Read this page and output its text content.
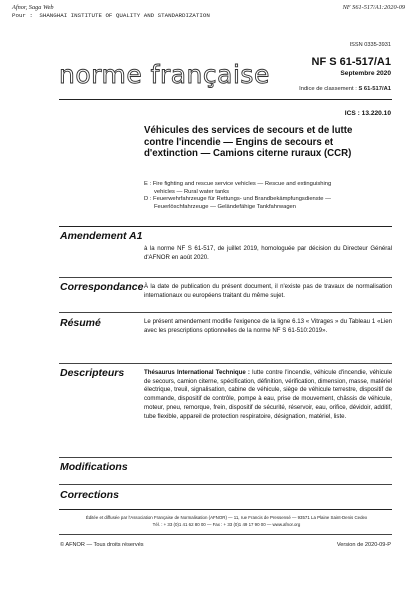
Afnor, Saga Web
Pour : SHANGHAI INSTITUTE OF QUALITY AND STANDARDIZATION
NF S61-517/A1:2020-09
ISSN 0335-3931
norme française	NF S 61-517/A1
Septembre 2020
Indice de classement : S 61-517/A1
ICS : 13.220.10
Véhicules des services de secours et de lutte
contre l'incendie — Engins de secours et
d'extinction — Camions citerne ruraux (CCR)
E : Fire fighting and rescue service vehicles — Rescue and extinguishing
vehicles — Rural water tanks
D : Feuerwehrfahrzeuge für Rettungs- und Brandbekämpfungsdienste —
Feuerlöschfahrzeuge — Geländefähige Tankfahrwagen
Amendement A1
à la norme NF S 61-517, de juillet 2019, homologuée par décision du Directeur Général d'AFNOR en août 2020.
Correspondance À la date de publication du présent document, il n'existe pas de travaux de normalisation internationaux ou européens traitant du même sujet.
Résumé	Le présent amendement modifie l'exigence de la ligne 6.13 « Vitrages » du Tableau 1 «Lien avec les prescriptions optionnelles de la norme NF S 61-510:2019».
Descripteurs	Thésaurus International Technique : lutte contre l'incendie, véhicule d'incendie, véhicule de secours, camion citerne, spécification, définition, vérification, dimension, masse, matériel électrique, treuil, signalisation, cabine de véhicule, siège de véhicule terrestre, dispositif de commande, dispositif de contrôle, pompe à eau, prise de mouvement, châssis de véhicule, moteur, pneu, remorque, frein, dispositif de sécurité, réservoir, eau, orifice, dévidoir, additif, tube flexible, appareil de protection respiratoire, désignation, matériel, liste.
Modifications
Corrections
Éditée et diffusée par l'Association Française de Normalisation (AFNOR) — 11, rue Francis de Pressensé — 93571 La Plaine Saint-Denis Cedex
Tél. : + 33 (0)1 41 62 80 00 — Fax : + 33 (0)1 49 17 90 00 — www.afnor.org
© AFNOR — Tous droits réservés	Version de 2020-09-P
